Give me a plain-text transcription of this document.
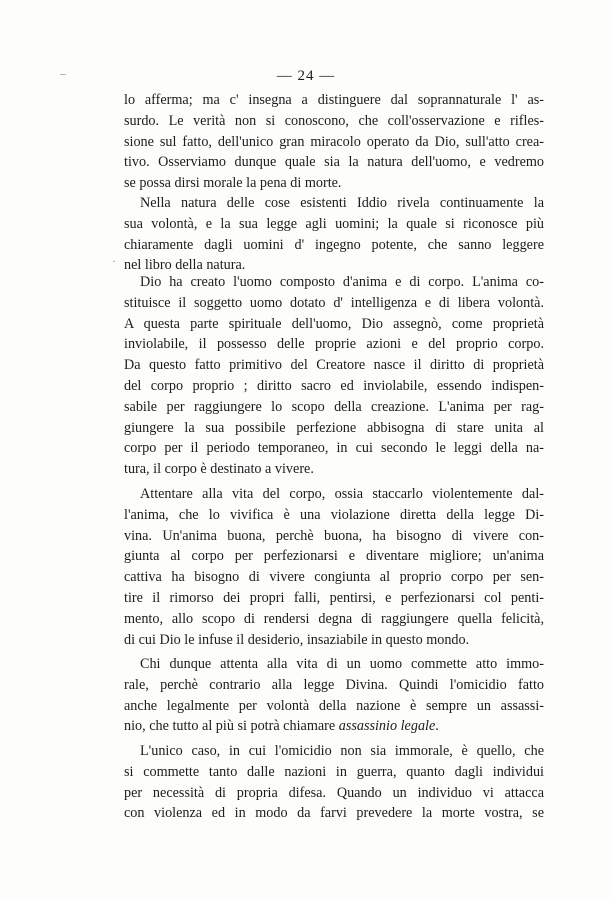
— 24 —
lo afferma; ma c' insegna a distinguere dal soprannaturale l' as-
surdo. Le verità non si conoscono, che coll'osservazione e rifles-
sione sul fatto, dell'unico gran miracolo operato da Dio, sull'atto crea-
tivo. Osserviamo dunque quale sia la natura dell'uomo, e vedremo
se possa dirsi morale la pena di morte.
Nella natura delle cose esistenti Iddio rivela continuamente la
sua volontà, e la sua legge agli uomini; la quale si riconosce più
chiaramente dagli uomini d' ingegno potente, che sanno leggere
nel libro della natura.
Dio ha creato l'uomo composto d'anima e di corpo. L'anima co-
stituisce il soggetto uomo dotato d' intelligenza e di libera volontà.
A questa parte spirituale dell'uomo, Dio assegnò, come proprietà
inviolabile, il possesso delle proprie azioni e del proprio corpo.
Da questo fatto primitivo del Creatore nasce il diritto di proprietà
del corpo proprio ; diritto sacro ed inviolabile, essendo indispen-
sabile per raggiungere lo scopo della creazione. L'anima per rag-
giungere la sua possibile perfezione abbisogna di stare unita al
corpo per il periodo temporaneo, in cui secondo le leggi della na-
tura, il corpo è destinato a vivere.
Attentare alla vita del corpo, ossia staccarlo violentemente dal-
l'anima, che lo vivifica è una violazione diretta della legge Di-
vina. Un'anima buona, perchè buona, ha bisogno di vivere con-
giunta al corpo per perfezionarsi e diventare migliore; un'anima
cattiva ha bisogno di vivere congiunta al proprio corpo per sen-
tire il rimorso dei propri falli, pentirsi, e perfezionarsi col penti-
mento, allo scopo di rendersi degna di raggiungere quella felicità,
di cui Dio le infuse il desiderio, insaziabile in questo mondo.
Chi dunque attenta alla vita di un uomo commette atto immo-
rale, perchè contrario alla legge Divina. Quindi l'omicidio fatto
anche legalmente per volontà della nazione è sempre un assassi-
nio, che tutto al più si potrà chiamare assassinio legale.
L'unico caso, in cui l'omicidio non sia immorale, è quello, che
si commette tanto dalle nazioni in guerra, quanto dagli individui
per necessità di propria difesa. Quando un individuo vi attacca
con violenza ed in modo da farvi prevedere la morte vostra, se
–
·
